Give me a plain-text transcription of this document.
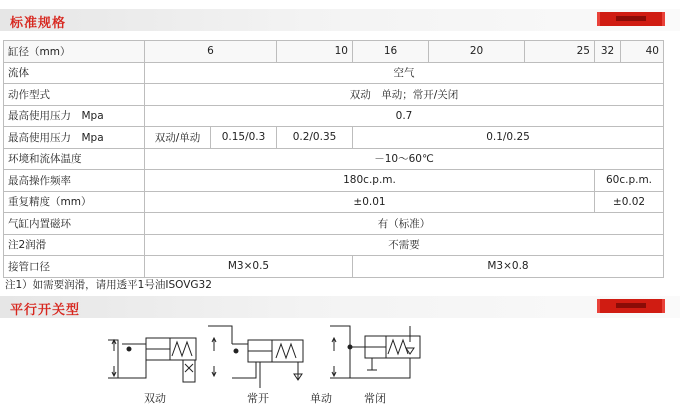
标准规格
缸径（mm）	6		10	16	20	25	32	40
流体	空气							
动作型式	双动　单动；常开/关闭							
最高使用压力　Mpa	0.7							
最高使用压力　Mpa	双动/单动	0.15/0.3	0.2/0.35	0.1/0.25				
环境和流体温度	－10～60℃							
最高操作频率	180c.p.m.						60c.p.m.	
重复精度（mm）	±0.01						±0.02	
气缸内置磁环	有（标准）							
注2润滑	不需要							
接管口径	M3×0.5			M3×0.8				
注1）如需要润滑，请用透平1号油ISOVG32
平行开关型
双动	常开	单动	常闭
